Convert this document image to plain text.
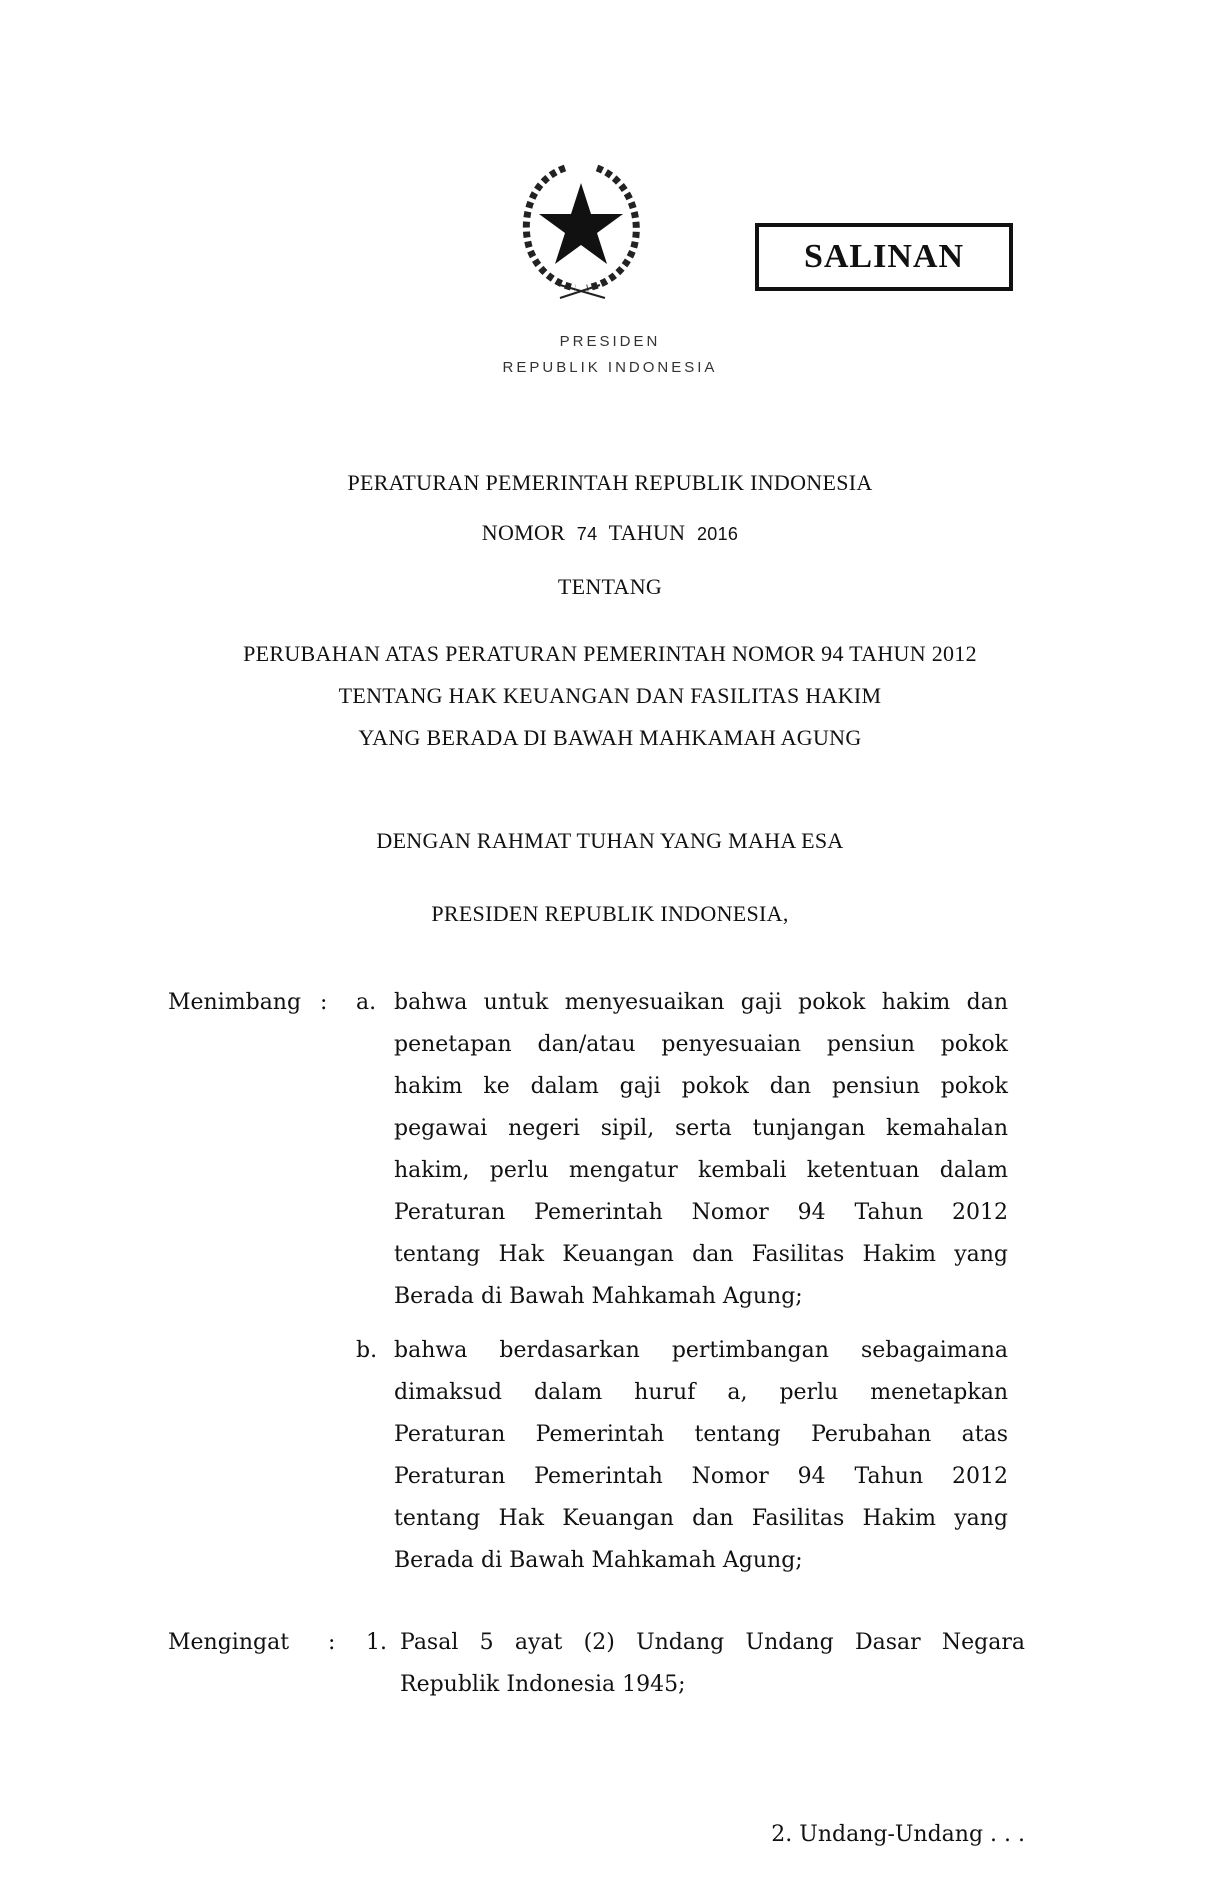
SALINAN
PRESIDEN
REPUBLIK INDONESIA
PERATURAN PEMERINTAH REPUBLIK INDONESIA
NOMOR 74 TAHUN 2016
TENTANG
PERUBAHAN ATAS PERATURAN PEMERINTAH NOMOR 94 TAHUN 2012
TENTANG HAK KEUANGAN DAN FASILITAS HAKIM
YANG BERADA DI BAWAH MAHKAMAH AGUNG
DENGAN RAHMAT TUHAN YANG MAHA ESA
PRESIDEN REPUBLIK INDONESIA,
Menimbang : a. bahwa untuk menyesuaikan gaji pokok hakim dan
penetapan dan/atau penyesuaian pensiun pokok
hakim ke dalam gaji pokok dan pensiun pokok
pegawai negeri sipil, serta tunjangan kemahalan
hakim, perlu mengatur kembali ketentuan dalam
Peraturan Pemerintah Nomor 94 Tahun 2012
tentang Hak Keuangan dan Fasilitas Hakim yang
Berada di Bawah Mahkamah Agung;
b. bahwa berdasarkan pertimbangan sebagaimana
dimaksud dalam huruf a, perlu menetapkan
Peraturan Pemerintah tentang Perubahan atas
Peraturan Pemerintah Nomor 94 Tahun 2012
tentang Hak Keuangan dan Fasilitas Hakim yang
Berada di Bawah Mahkamah Agung;
Mengingat : 1. Pasal 5 ayat (2) Undang Undang Dasar Negara
Republik Indonesia 1945;
2. Undang-Undang . . .
